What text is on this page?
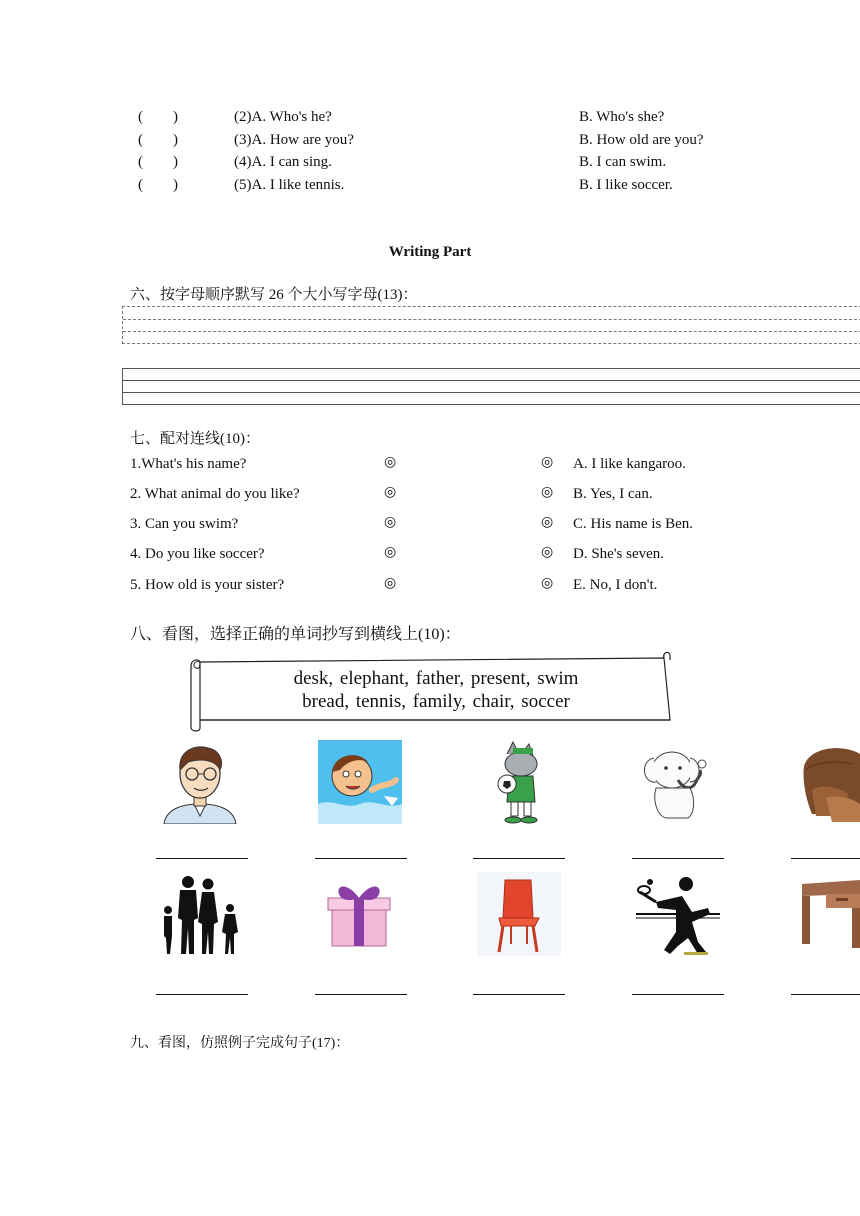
(　　)	(2)A. Who's he?	B. Who's she?
(　　)	(3)A. How are you?	B. How old are you?
(　　)	(4)A. I can sing.	B. I can swim.
(　　)	(5)A. I like tennis.	B. I like soccer.
Writing Part
六、按字母顺序默写 26 个大小写字母(13)：
七、配对连线(10)：
1.What's his name?	◎	◎ A. I like kangaroo.
2. What animal do you like?	◎	◎ B. Yes, I can.
3. Can you swim?	◎	◎ C. His name is Ben.
4. Do you like soccer?	◎	◎ D. She's seven.
5. How old is your sister?	◎	◎ E. No, I don't.
八、看图，选择正确的单词抄写到横线上(10)：
desk, elephant, father, present, swim
bread, tennis, family, chair, soccer
九、看图，仿照例子完成句子(17)：
